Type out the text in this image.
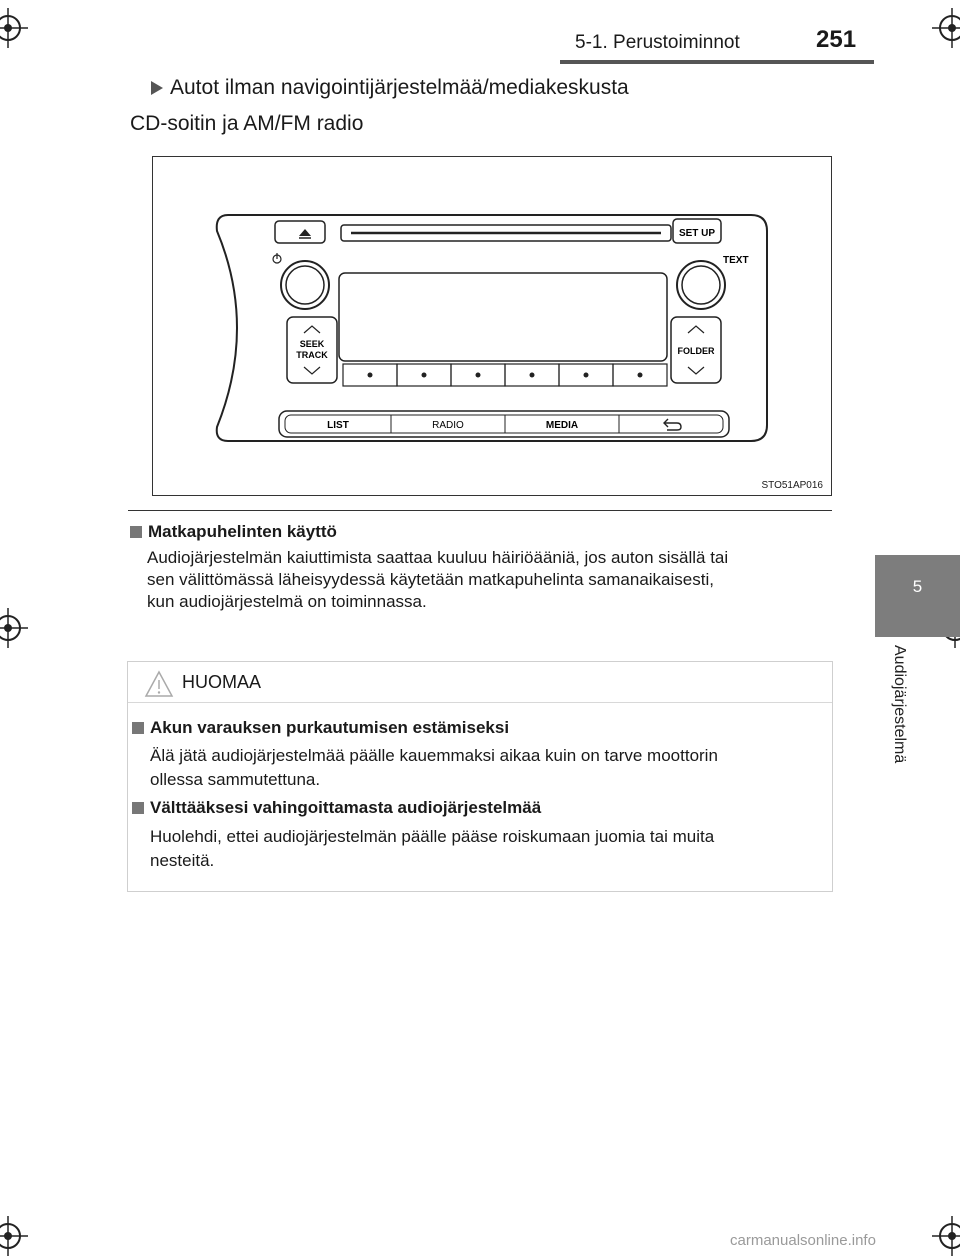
5-1. Perustoiminnot	251
5
Audiojärjestelmä
Autot ilman navigointijärjestelmää/mediakeskusta
CD-soitin ja AM/FM radio
SET UP
TEXT
SEEK
TRACK	FOLDER
LIST	RADIO	MEDIA
STO51AP016
Matkapuhelinten käyttö
Audiojärjestelmän kaiuttimista saattaa kuuluu häiriöääniä, jos auton sisällä tai
sen välittömässä läheisyydessä käytetään matkapuhelinta samanaikaisesti,
kun audiojärjestelmä on toiminnassa.
HUOMAA
Akun varauksen purkautumisen estämiseksi
Älä jätä audiojärjestelmää päälle kauemmaksi aikaa kuin on tarve moottorin
ollessa sammutettuna.
Välttääksesi vahingoittamasta audiojärjestelmää
Huolehdi, ettei audiojärjestelmän päälle pääse roiskumaan juomia tai muita
nesteitä.
carmanualsonline.info
